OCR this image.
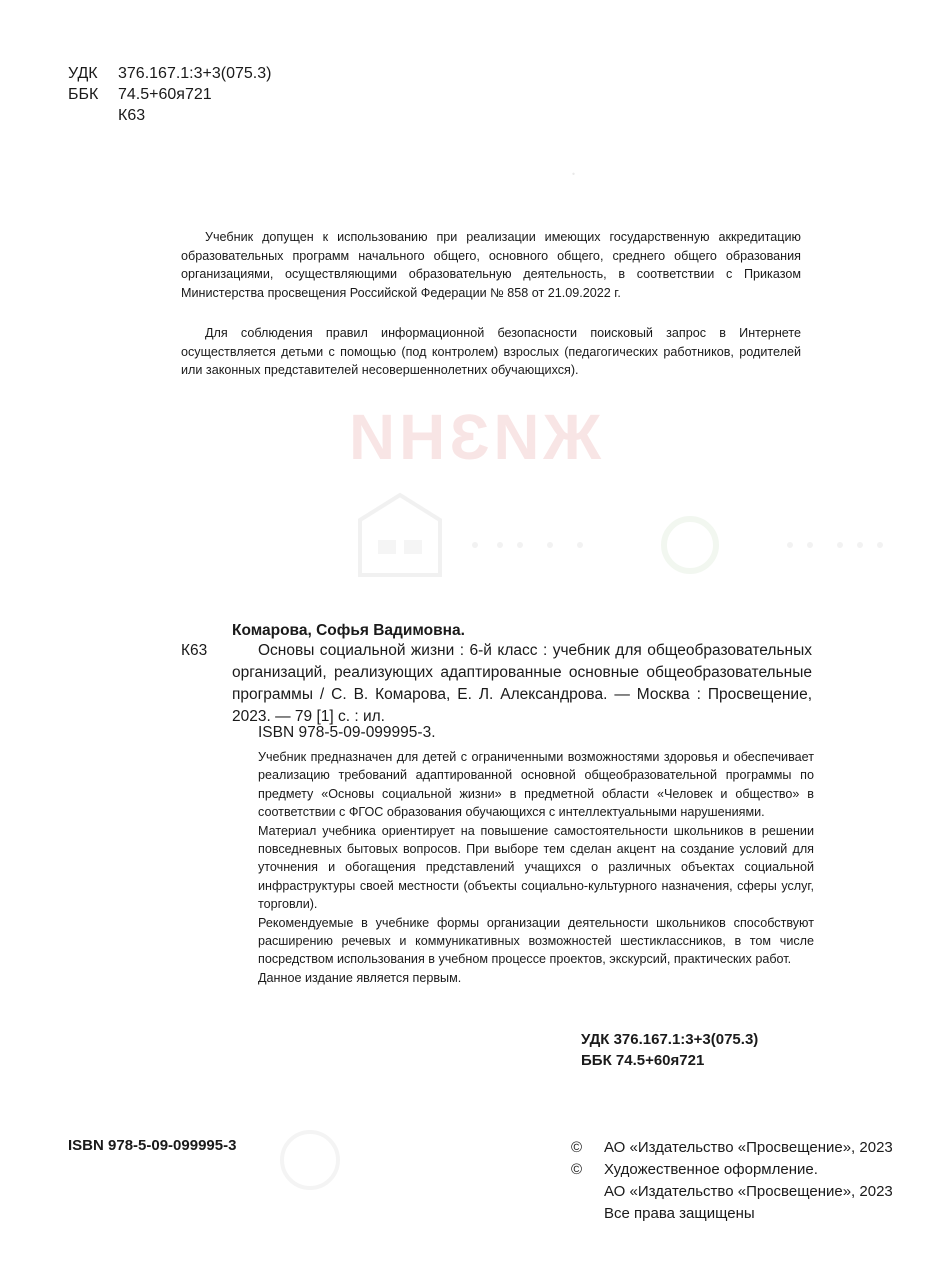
.
ЖИЗНИ
УДК	376.167.1:3+3(075.3)
ББК	74.5+60я721
К63
Учебник допущен к использованию при реализации имеющих государственную аккредитацию образовательных программ начального общего, основного общего, среднего общего образования организациями, осуществляющими образовательную деятельность, в соответствии с Приказом Министерства просвещения Российской Федерации № 858 от 21.09.2022 г.
Для соблюдения правил информационной безопасности поисковый запрос в Интернете осуществляется детьми с помощью (под контролем) взрослых (педагогических работников, родителей или законных представителей несовершеннолетних обучающихся).
Комарова, Софья Вадимовна.
К63	Основы социальной жизни : 6-й класс : учебник для общеобразовательных организаций, реализующих адаптированные основные общеобразовательные программы / С. В. Комарова, Е. Л. Александрова. — Москва : Просвещение, 2023. — 79 [1] с. : ил.
ISBN 978-5-09-099995-3.

Учебник предназначен для детей с ограниченными возможностями здоровья и обеспечивает реализацию требований адаптированной основной общеобразовательной программы по предмету «Основы социальной жизни» в предметной области «Человек и общество» в соответствии с ФГОС образования обучающихся с интеллектуальными нарушениями.

Материал учебника ориентирует на повышение самостоятельности школьников в решении повседневных бытовых вопросов. При выборе тем сделан акцент на создание условий для уточнения и обогащения представлений учащихся о различных объектах социальной инфраструктуры своей местности (объекты социально-культурного назначения, сферы услуг, торговли).

Рекомендуемые в учебнике формы организации деятельности школьников способствуют расширению речевых и коммуникативных возможностей шестиклассников, в том числе посредством использования в учебном процессе проектов, экскурсий, практических работ.

Данное издание является первым.

УДК 376.167.1:3+3(075.3)
ББК 74.5+60я721
ISBN 978-5-09-099995-3	©	АО «Издательство «Просвещение», 2023
©	Художественное оформление.
АО «Издательство «Просвещение», 2023
Все права защищены
